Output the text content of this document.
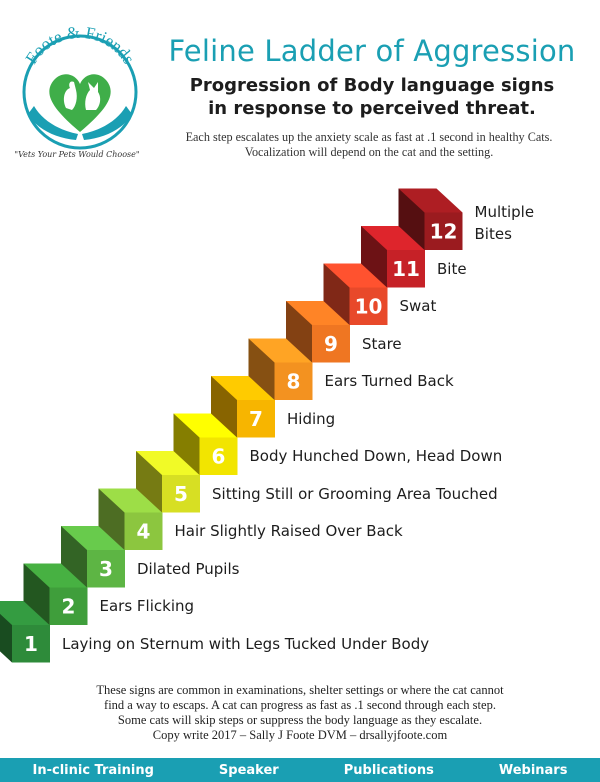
Foote & Friends
"Vets Your Pets Would Choose"
Feline Ladder of Aggression
Progression of Body language signs
in response to perceived threat.
Each step escalates up the anxiety scale as fast at .1 second in healthy Cats.
Vocalization will depend on the cat and the setting.
1
2
3
4
5
6
7
8
9
10
11
12
Laying on Sternum with Legs Tucked Under Body
Ears Flicking
Dilated Pupils
Hair Slightly Raised Over Back
Sitting Still or Grooming Area Touched
Body Hunched Down, Head Down
Hiding
Ears Turned Back
Stare
Swat
Bite
Multiple
Bites
These signs are common in examinations, shelter settings or where the cat cannot
find a way to escaps. A cat can progress as fast as .1 second through each step.
Some cats will skip steps or suppress the body language as they escalate.
Copy write 2017 – Sally J Foote DVM – drsallyjfoote.com
In-clinic Training	Speaker	Publications	Webinars
